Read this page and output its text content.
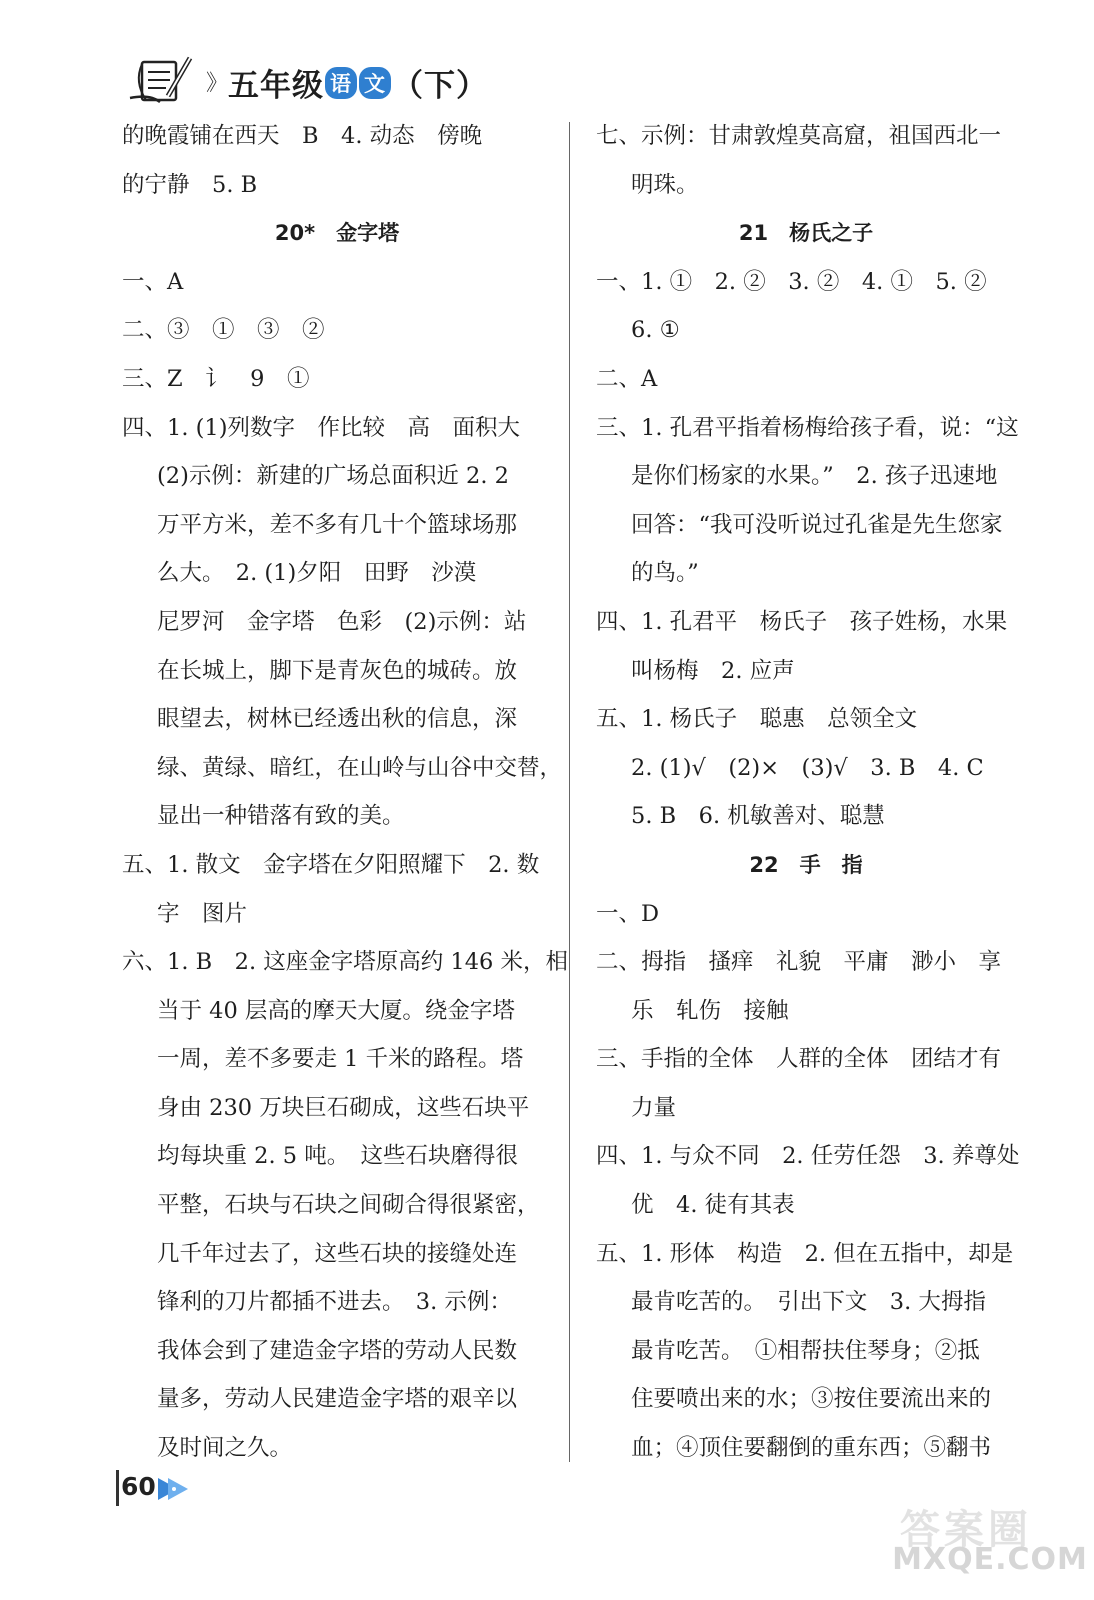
》 五年级 语 文 （下）
的晚霞铺在西天　B　4. 动态　傍晚
的宁静　5. B
20*　金字塔
一、A
二、③　①　③　②
三、Z　讠　9　①
四、1. (1)列数字　作比较　高　面积大
(2)示例：新建的广场总面积近 2. 2
万平方米，差不多有几十个篮球场那
么大。　2. (1)夕阳　田野　沙漠
尼罗河　金字塔　色彩　(2)示例：站
在长城上，脚下是青灰色的城砖。放
眼望去，树林已经透出秋的信息，深
绿、黄绿、暗红，在山岭与山谷中交替，
显出一种错落有致的美。
五、1. 散文　金字塔在夕阳照耀下　2. 数
字　图片
六、1. B　2. 这座金字塔原高约 146 米，相
当于 40 层高的摩天大厦。绕金字塔
一周，差不多要走 1 千米的路程。塔
身由 230 万块巨石砌成，这些石块平
均每块重 2. 5 吨。　这些石块磨得很
平整，石块与石块之间砌合得很紧密，
几千年过去了，这些石块的接缝处连
锋利的刀片都插不进去。　3. 示例：
我体会到了建造金字塔的劳动人民数
量多，劳动人民建造金字塔的艰辛以
及时间之久。
七、示例：甘肃敦煌莫高窟，祖国西北一
明珠。
21　杨氏之子
一、1. ①　2. ②　3. ②　4. ①　5. ②
6. ①
二、A
三、1. 孔君平指着杨梅给孩子看，说：“这
是你们杨家的水果。”　2. 孩子迅速地
回答：“我可没听说过孔雀是先生您家
的鸟。”
四、1. 孔君平　杨氏子　孩子姓杨，水果
叫杨梅　2. 应声
五、1. 杨氏子　聪惠　总领全文
2. (1)√　(2)×　(3)√　3. B　4. C
5. B　6. 机敏善对、聪慧
22　手　指
一、D
二、拇指　搔痒　礼貌　平庸　渺小　享
乐　轧伤　接触
三、手指的全体　人群的全体　团结才有
力量
四、1. 与众不同　2. 任劳任怨　3. 养尊处
优　4. 徒有其表
五、1. 形体　构造　2. 但在五指中，却是
最肯吃苦的。　引出下文　3. 大拇指
最肯吃苦。　①相帮扶住琴身；②抵
住要喷出来的水；③按住要流出来的
血；④顶住要翻倒的重东西；⑤翻书
60
答案圈
MXQE.COM
